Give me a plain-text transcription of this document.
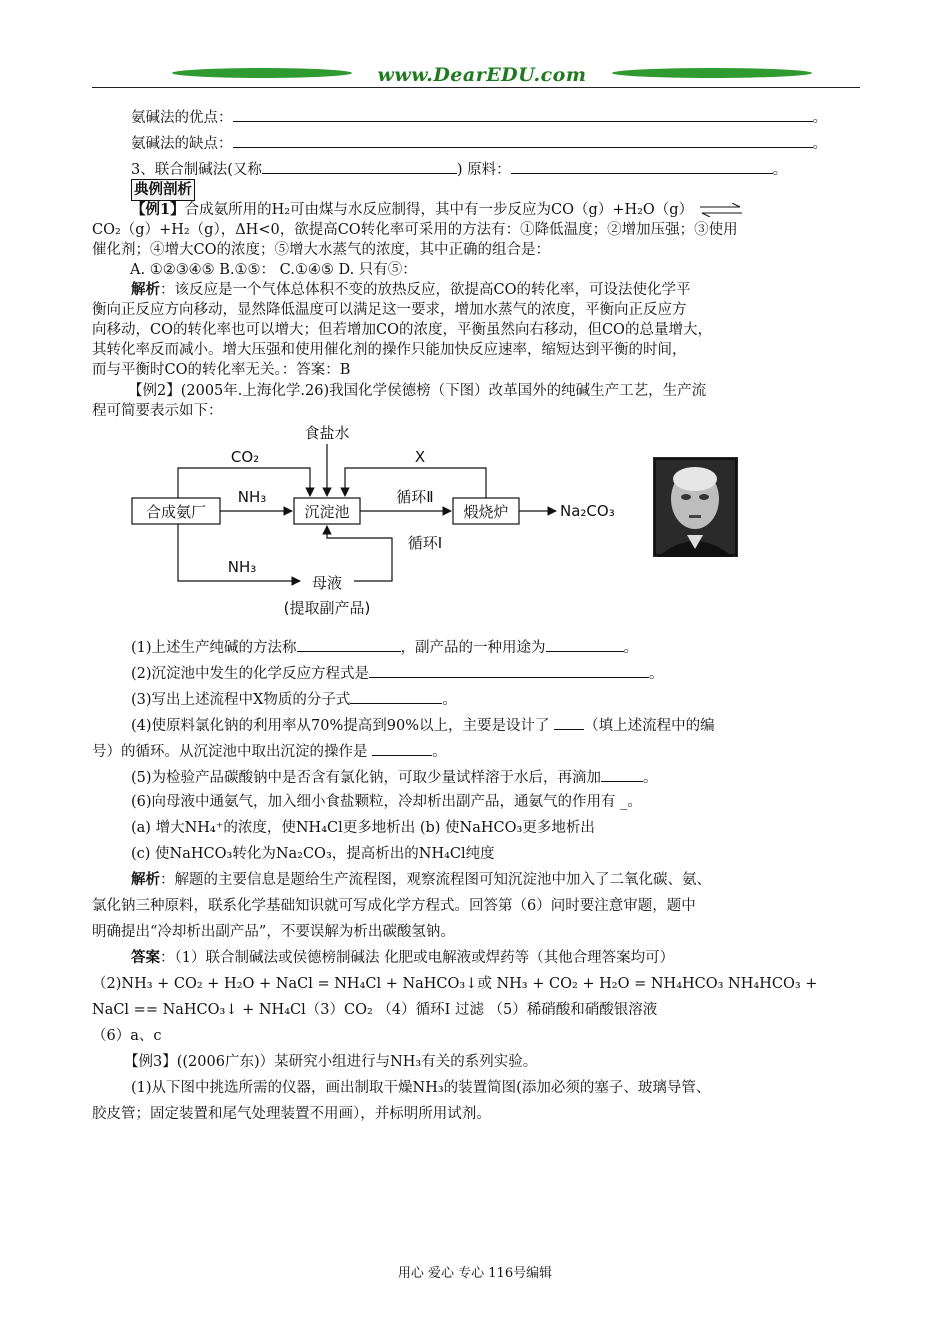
www.DearEDU.com
氨碱法的优点：	。
氨碱法的缺点：	。
3、联合制碱法(又称	) 原料：	。
典例剖析
【例1】合成氨所用的H₂可由煤与水反应制得，其中有一步反应为CO（g）+H₂O（g） ⇌
CO₂（g）+H₂（g），ΔH<0，欲提高CO转化率可采用的方法有：①降低温度；②增加压强；③使用
催化剂；④增大CO的浓度；⑤增大水蒸气的浓度，其中正确的组合是：
A. ①②③④⑤ B.①⑤： C.①④⑤ D. 只有⑤：
解析：该反应是一个气体总体积不变的放热反应，欲提高CO的转化率，可设法使化学平
衡向正反应方向移动，显然降低温度可以满足这一要求，增加水蒸气的浓度，平衡向正反应方
向移动，CO的转化率也可以增大；但若增加CO的浓度，平衡虽然向右移动，但CO的总量增大，
其转化率反而减小。增大压强和使用催化剂的操作只能加快反应速率，缩短达到平衡的时间，
而与平衡时CO的转化率无关。：答案：B
【例2】(2005年.上海化学.26)我国化学侯德榜（下图）改革国外的纯碱生产工艺，生产流
程可简要表示如下：
食盐水
CO₂	X
NH₃	循环Ⅱ
循环I
NH₃
母液
(提取副产品)
Na₂CO₃
合成氨厂	沉淀池	煅烧炉
(1)上述生产纯碱的方法称	，副产品的一种用途为	。
(2)沉淀池中发生的化学反应方程式是	。
(3)写出上述流程中X物质的分子式	。
(4)使原料氯化钠的利用率从70%提高到90%以上，主要是设计了 （填上述流程中的编
号）的循环。从沉淀池中取出沉淀的操作是	。
(5)为检验产品碳酸钠中是否含有氯化钠，可取少量试样溶于水后，再滴加	。
(6)向母液中通氨气，加入细小食盐颗粒，冷却析出副产品，通氨气的作用有 _。
(a) 增大NH₄⁺的浓度，使NH₄Cl更多地析出 (b) 使NaHCO₃更多地析出
(c) 使NaHCO₃转化为Na₂CO₃，提高析出的NH₄Cl纯度
解析：解题的主要信息是题给生产流程图，观察流程图可知沉淀池中加入了二氧化碳、氨、
氯化钠三种原料，联系化学基础知识就可写成化学方程式。回答第（6）问时要注意审题，题中
明确提出“冷却析出副产品”，不要误解为析出碳酸氢钠。
答案：（1）联合制碱法或侯德榜制碱法 化肥或电解液或焊药等（其他合理答案均可）
（2)NH₃ + CO₂ + H₂O + NaCl = NH₄Cl + NaHCO₃↓或 NH₃ + CO₂ + H₂O = NH₄HCO₃ NH₄HCO₃ +
NaCl == NaHCO₃↓ + NH₄Cl（3）CO₂ （4）循环I 过滤 （5）稀硝酸和硝酸银溶液
（6）a、c
【例3】((2006广东)）某研究小组进行与NH₃有关的系列实验。
(1)从下图中挑选所需的仪器，画出制取干燥NH₃的装置简图(添加必须的塞子、玻璃导管、
胶皮管；固定装置和尾气处理装置不用画），并标明所用试剂。
用心 爱心 专心 116号编辑
